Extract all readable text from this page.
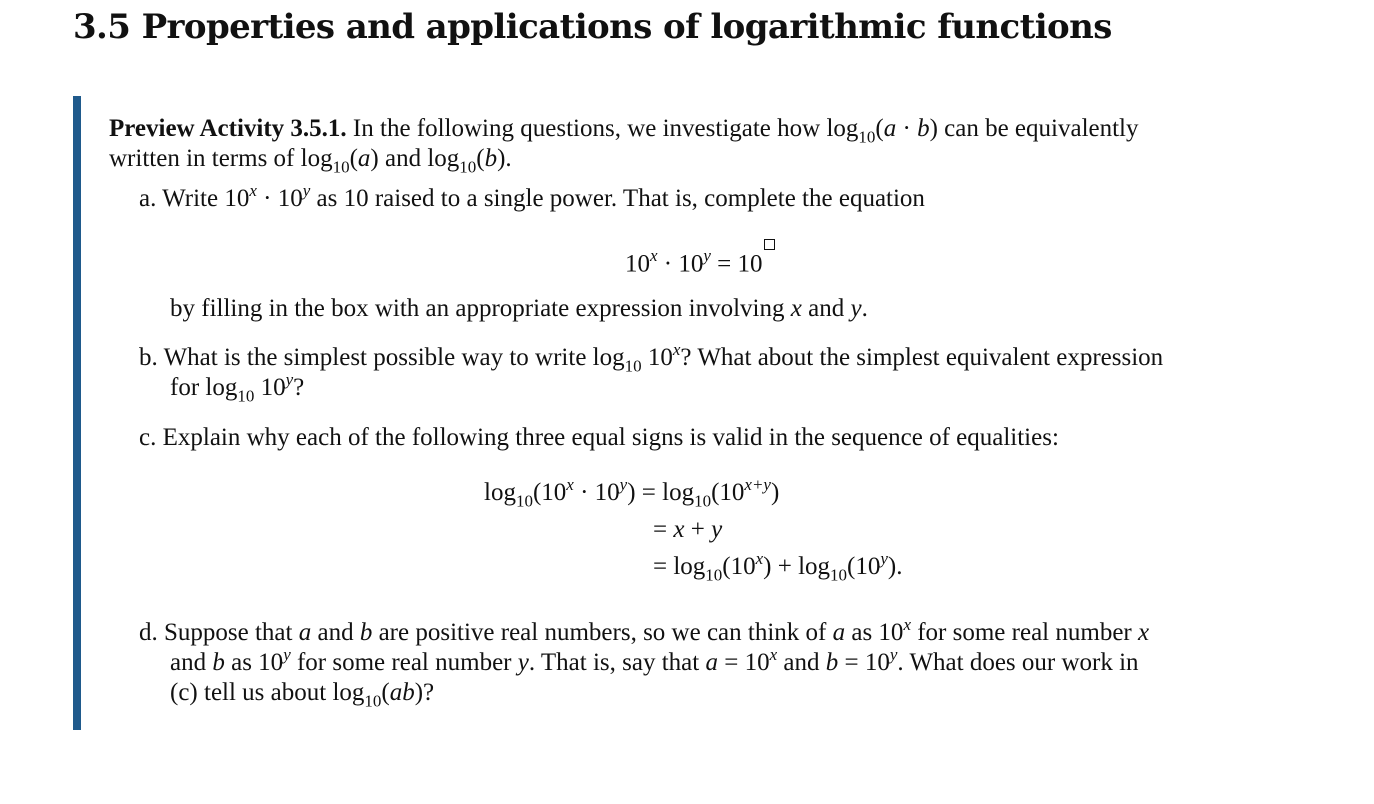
3.5 Properties and applications of logarithmic functions
Preview Activity 3.5.1. In the following questions, we investigate how $\log_{10}(a \cdot b)$ can be equivalently
written in terms of $\log_{10}(a)$ and $\log_{10}(b)$.
a. Write $10^x \cdot 10^y$ as 10 raised to a single power. That is, complete the equation
$10^x \cdot 10^y = 10$
by filling in the box with an appropriate expression involving x and y.
b. What is the simplest possible way to write $\log_{10} 10^x$? What about the simplest equivalent expression
for $\log_{10} 10^y$?
c. Explain why each of the following three equal signs is valid in the sequence of equalities:
$\log_{10}(10^x \cdot 10^y) = \log_{10}(10^{x+y})$
= x + y
= $\log_{10}(10^x) + \log_{10}(10^y)$.
d. Suppose that a and b are positive real numbers, so we can think of a as 10$^x$ for some real number x
and b as 10$^y$ for some real number y. That is, say that $a = 10^x$ and $b = 10^y$. What does our work in
(c) tell us about $\log_{10}(ab)$?
